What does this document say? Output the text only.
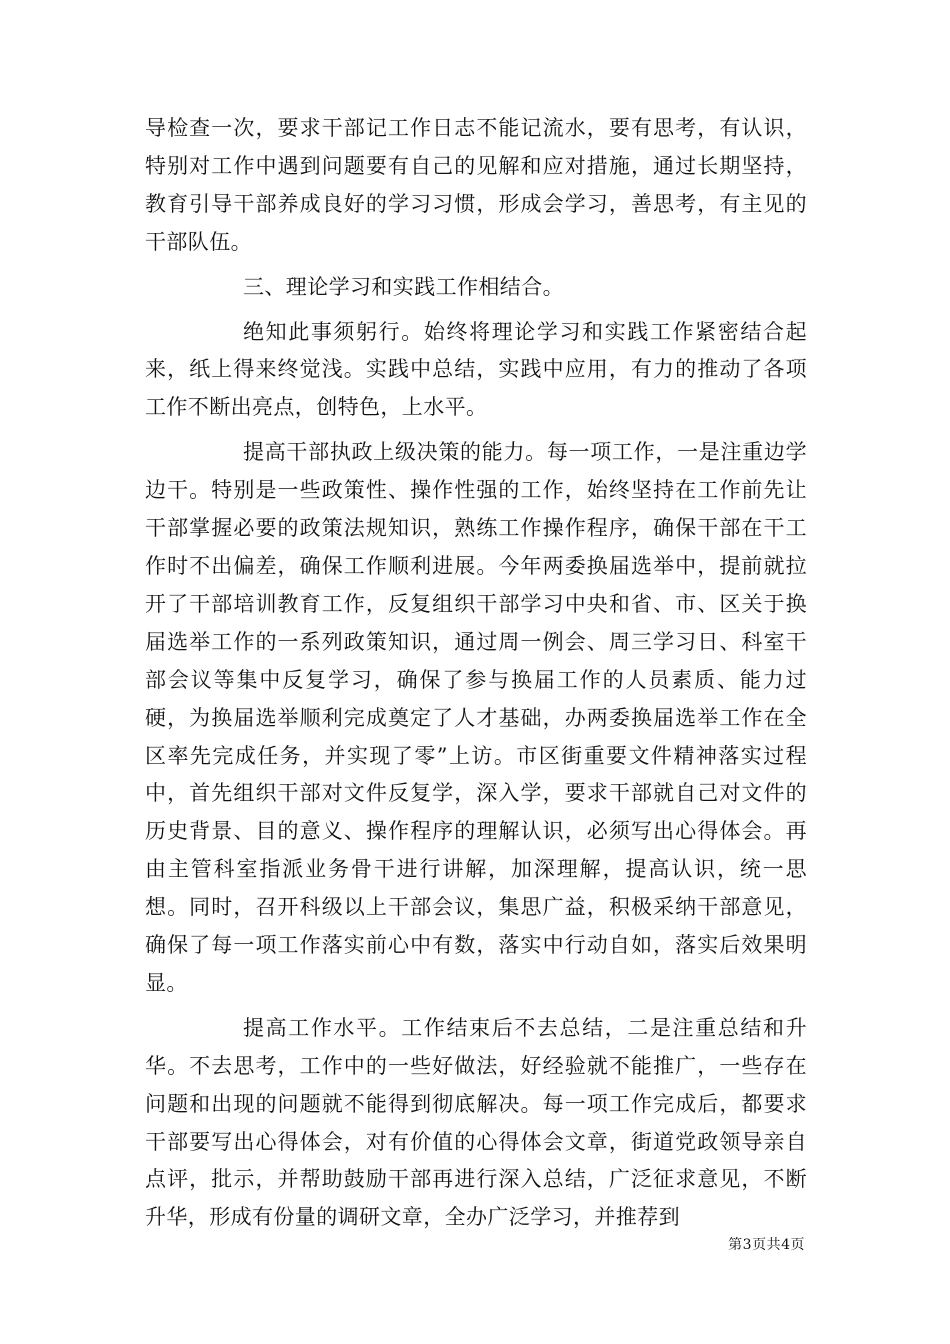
导检查一次，要求干部记工作日志不能记流水，要有思考，有认识，特别对工作中遇到问题要有自己的见解和应对措施，通过长期坚持，教育引导干部养成良好的学习习惯，形成会学习，善思考，有主见的干部队伍。

三、理论学习和实践工作相结合。

绝知此事须躬行。始终将理论学习和实践工作紧密结合起来，纸上得来终觉浅。实践中总结，实践中应用，有力的推动了各项工作不断出亮点，创特色，上水平。

提高干部执政上级决策的能力。每一项工作，一是注重边学边干。特别是一些政策性、操作性强的工作，始终坚持在工作前先让干部掌握必要的政策法规知识，熟练工作操作程序，确保干部在干工作时不出偏差，确保工作顺利进展。今年两委换届选举中，提前就拉开了干部培训教育工作，反复组织干部学习中央和省、市、区关于换届选举工作的一系列政策知识，通过周一例会、周三学习日、科室干部会议等集中反复学习，确保了参与换届工作的人员素质、能力过硬，为换届选举顺利完成奠定了人才基础，办两委换届选举工作在全区率先完成任务，并实现了零”上访。市区街重要文件精神落实过程中，首先组织干部对文件反复学，深入学，要求干部就自己对文件的历史背景、目的意义、操作程序的理解认识，必须写出心得体会。再由主管科室指派业务骨干进行讲解，加深理解，提高认识，统一思想。同时，召开科级以上干部会议，集思广益，积极采纳干部意见，确保了每一项工作落实前心中有数，落实中行动自如，落实后效果明显。

提高工作水平。工作结束后不去总结，二是注重总结和升华。不去思考，工作中的一些好做法，好经验就不能推广，一些存在问题和出现的问题就不能得到彻底解决。每一项工作完成后，都要求干部要写出心得体会，对有价值的心得体会文章，街道党政领导亲自点评，批示，并帮助鼓励干部再进行深入总结，广泛征求意见，不断升华，形成有份量的调研文章，全办广泛学习，并推荐到

第3页共4页
